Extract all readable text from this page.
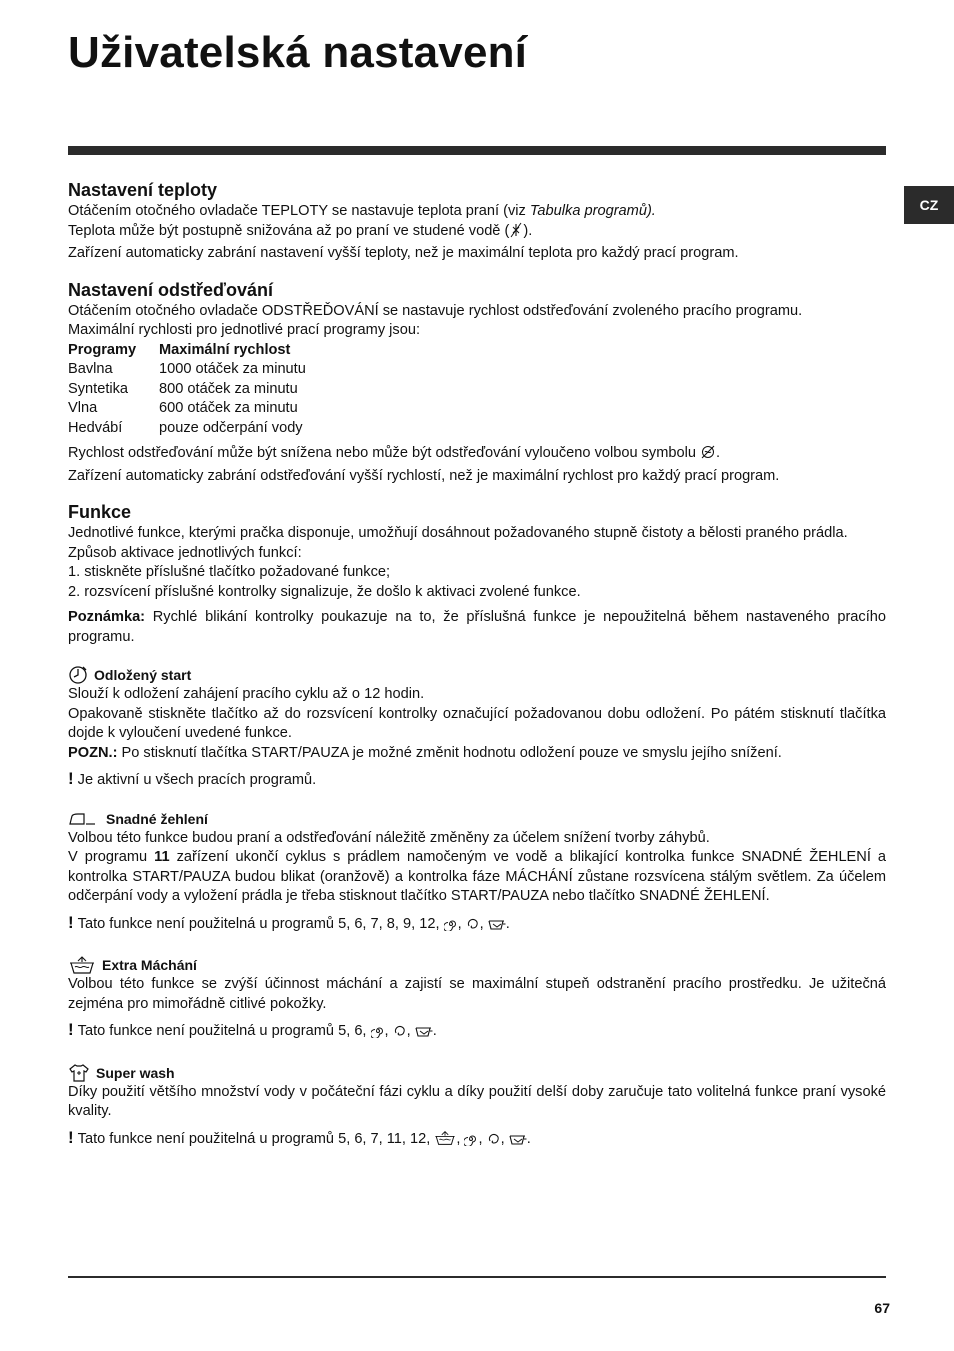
Uživatelská nastavení
CZ
Nastavení teploty

Otáčením otočného ovladače TEPLOTY se nastavuje teplota praní (viz Tabulka programů).

Teplota může být postupně snižována až po praní ve studené vodě ( ).

Zařízení automaticky zabrání nastavení vyšší teploty, než je maximální teplota pro každý prací program.

Nastavení odstřeďování

Otáčením otočného ovladače ODSTŘEĎOVÁNÍ se nastavuje rychlost odstřeďování zvoleného pracího programu.

Maximální rychlosti pro jednotlivé prací programy jsou:

Programy	Maximální rychlost
Bavlna	1000 otáček za minutu
Syntetika	800 otáček za minutu
Vlna	600 otáček za minutu
Hedvábí	pouze odčerpání vody

Rychlost odstřeďování může být snížena nebo může být odstřeďování vyloučeno volbou symbolu .

Zařízení automaticky zabrání odstřeďování vyšší rychlostí, než je maximální rychlost pro každý prací program.

Funkce

Jednotlivé funkce, kterými pračka disponuje, umožňují dosáhnout požadovaného stupně čistoty a bělosti praného prádla.

Způsob aktivace jednotlivých funkcí:

1. stiskněte příslušné tlačítko požadované funkce;

2. rozsvícení příslušné kontrolky signalizuje, že došlo k aktivaci zvolené funkce.

Poznámka: Rychlé blikání kontrolky poukazuje na to, že příslušná funkce je nepoužitelná během nastaveného pracího programu.

Odložený start

Slouží k odložení zahájení pracího cyklu až o 12 hodin.

Opakovaně stiskněte tlačítko až do rozsvícení kontrolky označující požadovanou dobu odložení. Po pátém stisknutí tlačítka dojde k vyloučení uvedené funkce.

POZN.: Po stisknutí tlačítka START/PAUZA je možné změnit hodnotu odložení pouze ve smyslu jejího snížení.

! Je aktivní u všech pracích programů.

Snadné žehlení

Volbou této funkce budou praní a odstřeďování náležitě změněny za účelem snížení tvorby záhybů.

V programu 11 zařízení ukončí cyklus s prádlem namočeným ve vodě a blikající kontrolka funkce SNADNÉ ŽEHLENÍ a kontrolka START/PAUZA budou blikat (oranžově) a kontrolka fáze MÁCHÁNÍ zůstane rozsvícena stálým světlem. Za účelem odčerpání vody a vyložení prádla je třeba stisknout tlačítko START/PAUZA nebo tlačítko SNADNÉ ŽEHLENÍ.

! Tato funkce není použitelná u programů 5, 6, 7, 8, 9, 12, , , .

Extra Máchání

Volbou této funkce se zvýší účinnost máchání a zajistí se maximální stupeň odstranění pracího prostředku. Je užitečná zejména pro mimořádně citlivé pokožky.

! Tato funkce není použitelná u programů 5, 6, , , .

Super wash

Díky použití většího množství vody v počáteční fázi cyklu a díky použití delší doby zaručuje tato volitelná funkce praní vysoké kvality.

! Tato funkce není použitelná u programů 5, 6, 7, 11, 12, , , , .

67
